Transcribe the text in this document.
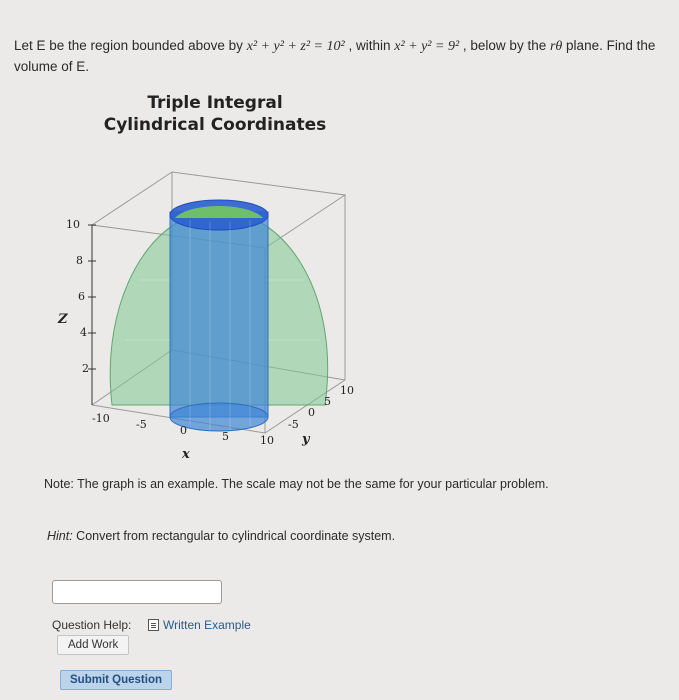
Let E be the region bounded above by x² + y² + z² = 10² , within x² + y² = 9² , below by the rθ plane. Find the volume of E.
Triple Integral
Cylindrical Coordinates
10
8
6
4
2
Z
-10 -5	0	5	10
x
-5
0
5
10
y
Note: The graph is an example. The scale may not be the same for your particular problem.
Hint: Convert from rectangular to cylindrical coordinate system.
Question Help:	Written Example
Add Work
Submit Question
